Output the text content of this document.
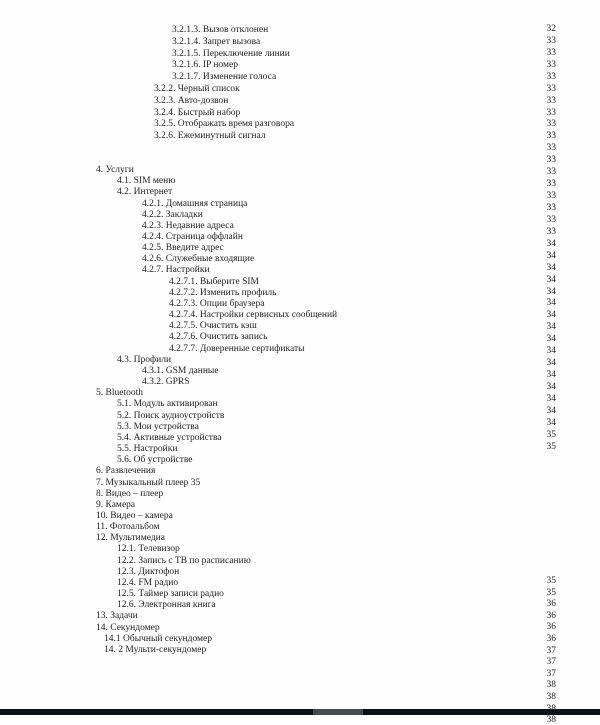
3.2.1.3. Вызов отклонен
3.2.1.4. Запрет вызова
3.2.1.5. Переключение линии
3.2.1.6. IP номер
3.2.1.7. Изменение голоса
3.2.2. Черный список
3.2.3. Авто-дозвон
3.2.4. Быстрый набор
3.2.5. Отображать время разговора
3.2.6. Ежеминутный сигнал
4. Услуги
4.1. SIM меню
4.2. Интернет
4.2.1. Домашняя страница
4.2.2. Закладки
4.2.3. Недавние адреса
4.2.4. Страница оффлайн
4.2.5. Введите адрес
4.2.6. Служебные входящие
4.2.7. Настройки
4.2.7.1. Выберите SIM
4.2.7.2. Изменить профиль
4.2.7.3. Опции браузера
4.2.7.4. Настройки сервисных сообщений
4.2.7.5. Очистить кэш
4.2.7.6. Очистить запись
4.2.7.7. Доверенные сертификаты
4.3. Профили
4.3.1. GSM данные
4.3.2. GPRS
5. Bluetooth
5.1. Модуль активирован
5.2. Поиск аудиоустройств
5.3. Мои устройства
5.4. Активные устройства
5.5. Настройки
5.6. Об устройстве
6. Развлечения
7. Музыкальный плеер 35
8. Видео – плеер
9. Камера
10. Видео – камера
11. Фотоальбом
12. Мультимедиа
12.1. Телевизор
12.2. Запись с ТВ по расписанию
12.3. Диктофон
12.4. FM радио
12.5. Таймер записи радио
12.6. Электронная книга
13. Задачи
14. Секундомер
14.1 Обычный секундомер
14. 2 Мульти-секундомер
32
33
33
33
33
33
33
33
33
33
33
33
33
33
33
33
33
33
34
34
34
34
34
34
34
34
34
34
34
34
34
34
34
34
35
35
35
35
36
36
36
36
37
37
37
38
38
38
